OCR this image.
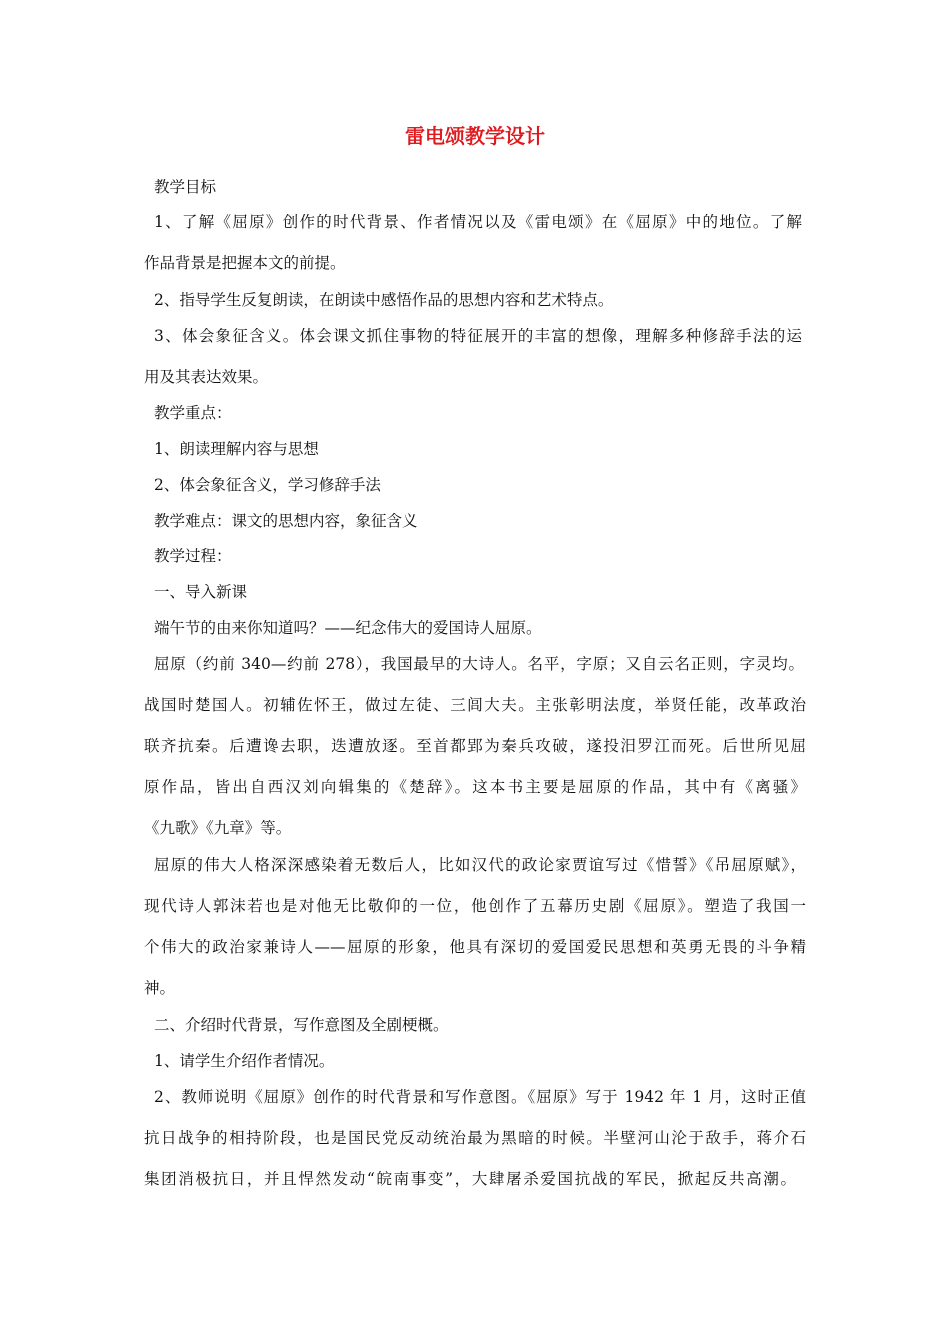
雷电颂教学设计
教学目标
1、了解《屈原》创作的时代背景、作者情况以及《雷电颂》在《屈原》中的地位。了解
作品背景是把握本文的前提。
2、指导学生反复朗读，在朗读中感悟作品的思想内容和艺术特点。
3、体会象征含义。体会课文抓住事物的特征展开的丰富的想像，理解多种修辞手法的运
用及其表达效果。
教学重点：
1、朗读理解内容与思想
2、体会象征含义，学习修辞手法
教学难点：课文的思想内容，象征含义
教学过程：
一、导入新课
端午节的由来你知道吗？——纪念伟大的爱国诗人屈原。
屈原（约前 340—约前 278），我国最早的大诗人。名平，字原；又自云名正则，字灵均。
战国时楚国人。初辅佐怀王，做过左徒、三闾大夫。主张彰明法度，举贤任能，改革政治
联齐抗秦。后遭谗去职，迭遭放逐。至首都郢为秦兵攻破，遂投汨罗江而死。后世所见屈
原作品，皆出自西汉刘向辑集的《楚辞》。这本书主要是屈原的作品，其中有《离骚》
《九歌》《九章》等。
屈原的伟大人格深深感染着无数后人，比如汉代的政论家贾谊写过《惜誓》《吊屈原赋》，
现代诗人郭沫若也是对他无比敬仰的一位，他创作了五幕历史剧《屈原》。塑造了我国一
个伟大的政治家兼诗人——屈原的形象，他具有深切的爱国爱民思想和英勇无畏的斗争精
神。
二、介绍时代背景，写作意图及全剧梗概。
1、请学生介绍作者情况。
2、教师说明《屈原》创作的时代背景和写作意图。《屈原》写于 1942 年 1 月，这时正值
抗日战争的相持阶段，也是国民党反动统治最为黑暗的时候。半壁河山沦于敌手，蒋介石
集团消极抗日，并且悍然发动“皖南事变”，大肆屠杀爱国抗战的军民，掀起反共高潮。
